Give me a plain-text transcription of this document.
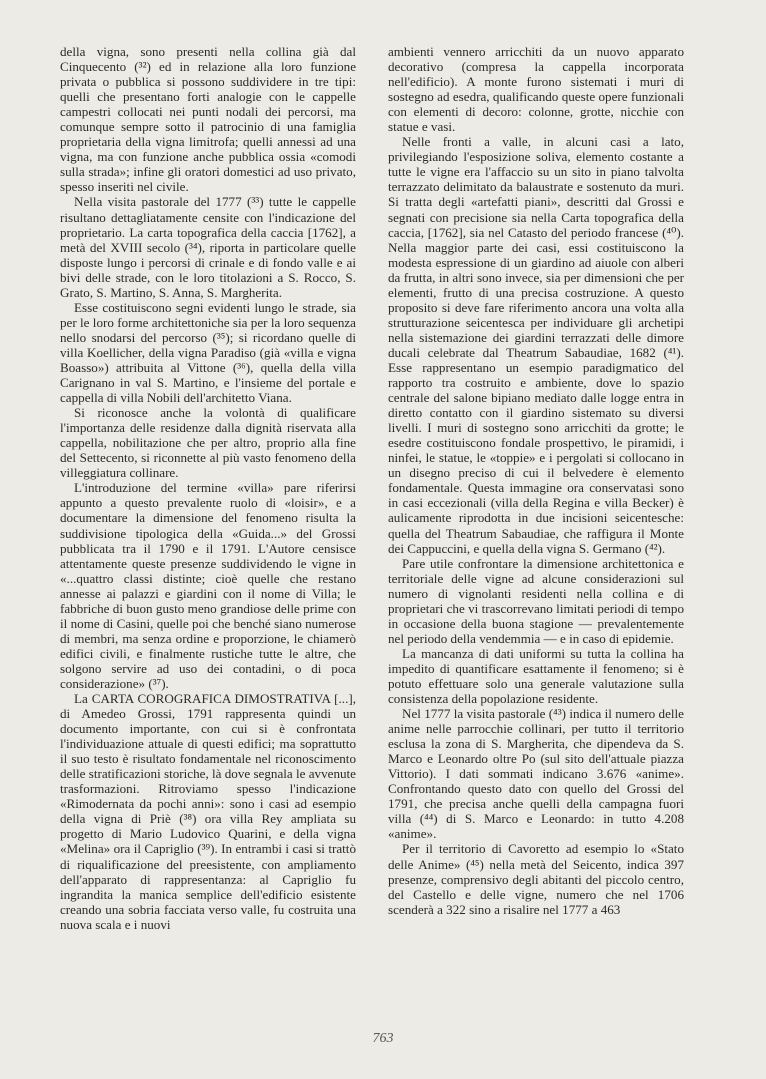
della vigna, sono presenti nella collina già dal Cinquecento (³²) ed in relazione alla loro funzione privata o pubblica si possono suddividere in tre tipi: quelli che presentano forti analogie con le cappelle campestri collocati nei punti nodali dei percorsi, ma comunque sempre sotto il patrocinio di una famiglia proprietaria della vigna limitrofa; quelli annessi ad una vigna, ma con funzione anche pubblica ossia «comodi sulla strada»; infine gli oratori domestici ad uso privato, spesso inseriti nel civile.

Nella visita pastorale del 1777 (³³) tutte le cappelle risultano dettagliatamente censite con l'indicazione del proprietario. La carta topografica della caccia [1762], a metà del XVIII secolo (³⁴), riporta in particolare quelle disposte lungo i percorsi di crinale e di fondo valle e ai bivi delle strade, con le loro titolazioni a S. Rocco, S. Grato, S. Martino, S. Anna, S. Margherita.

Esse costituiscono segni evidenti lungo le strade, sia per le loro forme architettoniche sia per la loro sequenza nello snodarsi del percorso (³⁵); si ricordano quelle di villa Koellicher, della vigna Paradiso (già «villa e vigna Boasso») attribuita al Vittone (³⁶), quella della villa Carignano in val S. Martino, e l'insieme del portale e cappella di villa Nobili dell'architetto Viana.

Si riconosce anche la volontà di qualificare l'importanza delle residenze dalla dignità riservata alla cappella, nobilitazione che per altro, proprio alla fine del Settecento, si riconnette al più vasto fenomeno della villeggiatura collinare.

L'introduzione del termine «villa» pare riferirsi appunto a questo prevalente ruolo di «loisir», e a documentare la dimensione del fenomeno risulta la suddivisione tipologica della «Guida...» del Grossi pubblicata tra il 1790 e il 1791. L'Autore censisce attentamente queste presenze suddividendo le vigne in «...quattro classi distinte; cioè quelle che restano annesse ai palazzi e giardini con il nome di Villa; le fabbriche di buon gusto meno grandiose delle prime con il nome di Casini, quelle poi che benché siano numerose di membri, ma senza ordine e proporzione, le chiamerò edifici civili, e finalmente rustiche tutte le altre, che solgono servire ad uso dei contadini, o di poca considerazione» (³⁷).

La CARTA COROGRAFICA DIMOSTRATIVA [...], di Amedeo Grossi, 1791 rappresenta quindi un documento importante, con cui si è confrontata l'individuazione attuale di questi edifici; ma soprattutto il suo testo è risultato fondamentale nel riconoscimento delle stratificazioni storiche, là dove segnala le avvenute trasformazioni. Ritroviamo spesso l'indicazione «Rimodernata da pochi anni»: sono i casi ad esempio della vigna di Priè (³⁸) ora villa Rey ampliata su progetto di Mario Ludovico Quarini, e della vigna «Melina» ora il Capriglio (³⁹). In entrambi i casi si trattò di riqualificazione del preesistente, con ampliamento dell'apparato di rappresentanza: al Capriglio fu ingrandita la manica semplice dell'edificio esistente creando una sobria facciata verso valle, fu costruita una nuova scala e i nuovi

ambienti vennero arricchiti da un nuovo apparato decorativo (compresa la cappella incorporata nell'edificio). A monte furono sistemati i muri di sostegno ad esedra, qualificando queste opere funzionali con elementi di decoro: colonne, grotte, nicchie con statue e vasi.

Nelle fronti a valle, in alcuni casi a lato, privilegiando l'esposizione soliva, elemento costante a tutte le vigne era l'affaccio su un sito in piano talvolta terrazzato delimitato da balaustrate e sostenuto da muri. Si tratta degli «artefatti piani», descritti dal Grossi e segnati con precisione sia nella Carta topografica della caccia, [1762], sia nel Catasto del periodo francese (⁴⁰). Nella maggior parte dei casi, essi costituiscono la modesta espressione di un giardino ad aiuole con alberi da frutta, in altri sono invece, sia per dimensioni che per elementi, frutto di una precisa costruzione. A questo proposito si deve fare riferimento ancora una volta alla strutturazione seicentesca per individuare gli archetipi nella sistemazione dei giardini terrazzati delle dimore ducali celebrate dal Theatrum Sabaudiae, 1682 (⁴¹). Esse rappresentano un esempio paradigmatico del rapporto tra costruito e ambiente, dove lo spazio centrale del salone bipiano mediato dalle logge entra in diretto contatto con il giardino sistemato su diversi livelli. I muri di sostegno sono arricchiti da grotte; le esedre costituiscono fondale prospettivo, le piramidi, i ninfei, le statue, le «toppie» e i pergolati si collocano in un disegno preciso di cui il belvedere è elemento fondamentale. Questa immagine ora conservatasi sono in casi eccezionali (villa della Regina e villa Becker) è aulicamente riprodotta in due incisioni seicentesche: quella del Theatrum Sabaudiae, che raffigura il Monte dei Cappuccini, e quella della vigna S. Germano (⁴²).

Pare utile confrontare la dimensione architettonica e territoriale delle vigne ad alcune considerazioni sul numero di vignolanti residenti nella collina e di proprietari che vi trascorrevano limitati periodi di tempo in occasione della buona stagione — prevalentemente nel periodo della vendemmia — e in caso di epidemie.

La mancanza di dati uniformi su tutta la collina ha impedito di quantificare esattamente il fenomeno; si è potuto effettuare solo una generale valutazione sulla consistenza della popolazione residente.

Nel 1777 la visita pastorale (⁴³) indica il numero delle anime nelle parrocchie collinari, per tutto il territorio esclusa la zona di S. Margherita, che dipendeva da S. Marco e Leonardo oltre Po (sul sito dell'attuale piazza Vittorio). I dati sommati indicano 3.676 «anime». Confrontando questo dato con quello del Grossi del 1791, che precisa anche quelli della campagna fuori villa (⁴⁴) di S. Marco e Leonardo: in tutto 4.208 «anime».

Per il territorio di Cavoretto ad esempio lo «Stato delle Anime» (⁴⁵) nella metà del Seicento, indica 397 presenze, comprensivo degli abitanti del piccolo centro, del Castello e delle vigne, numero che nel 1706 scenderà a 322 sino a risalire nel 1777 a 463

763
